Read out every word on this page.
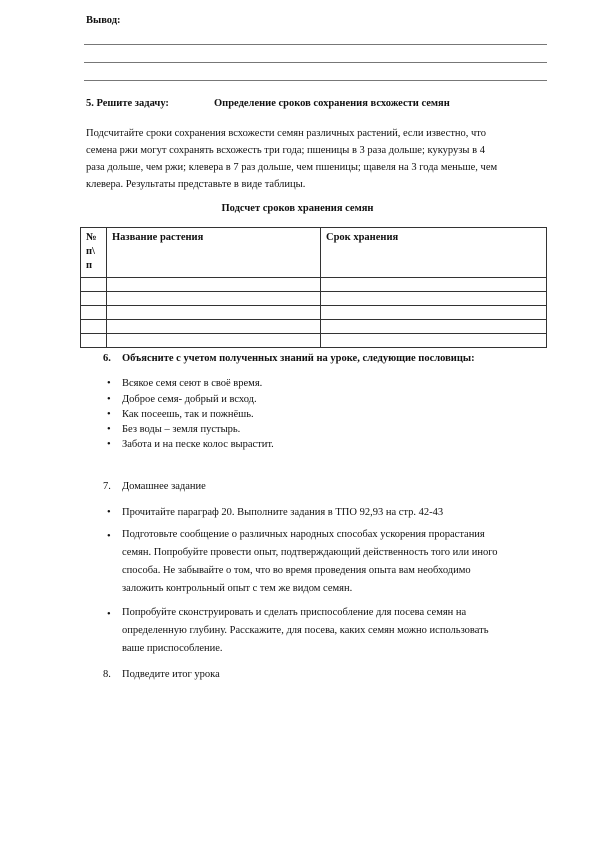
Вывод:
5. Решите задачу:	Определение сроков сохранения всхожести семян
Подсчитайте сроки сохранения всхожести семян различных растений, если известно, что
семена ржи могут сохранять всхожесть три года; пшеницы в 3 раза дольше; кукурузы в 4
раза дольше, чем ржи; клевера в 7 раз дольше, чем пшеницы; щавеля на 3 года меньше, чем
клевера. Результаты представьте в виде таблицы.
Подсчет сроков хранения семян
№
п\
п	Название растения	Срок хранения

6. Объясните с учетом полученных знаний на уроке, следующие пословицы:
• Всякое семя сеют в своё время.
• Доброе семя- добрый и всход.
• Как посеешь, так и пожнёшь.
• Без воды – земля пустырь.
• Забота и на песке колос вырастит.
7. Домашнее задание
• Прочитайте параграф 20. Выполните задания в ТПО 92,93 на стр. 42-43
• Подготовьте сообщение о различных народных способах ускорения прорастания
семян. Попробуйте провести опыт, подтверждающий действенность того или иного
способа. Не забывайте о том, что во время проведения опыта вам необходимо
заложить контрольный опыт с тем же видом семян.
• Попробуйте сконструировать и сделать приспособление для посева семян на
определенную глубину. Расскажите, для посева, каких семян можно использовать
ваше приспособление.
8. Подведите итог урока
